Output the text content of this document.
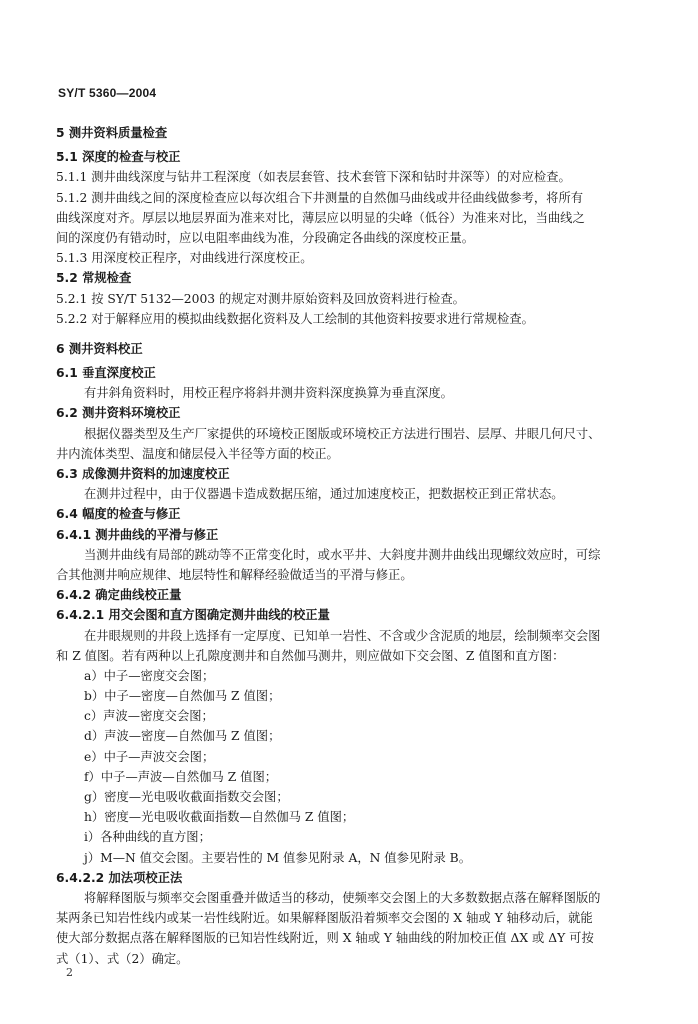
SY/T 5360—2004
5 测井资料质量检查
5.1 深度的检查与校正
5.1.1 测井曲线深度与钻井工程深度（如表层套管、技术套管下深和钻时井深等）的对应检查。
5.1.2 测井曲线之间的深度检查应以每次组合下井测量的自然伽马曲线或井径曲线做参考，将所有
曲线深度对齐。厚层以地层界面为准来对比，薄层应以明显的尖峰（低谷）为准来对比，当曲线之
间的深度仍有错动时，应以电阻率曲线为准，分段确定各曲线的深度校正量。
5.1.3 用深度校正程序，对曲线进行深度校正。
5.2 常规检查
5.2.1 按 SY/T 5132—2003 的规定对测井原始资料及回放资料进行检查。
5.2.2 对于解释应用的模拟曲线数据化资料及人工绘制的其他资料按要求进行常规检查。
6 测井资料校正
6.1 垂直深度校正
有井斜角资料时，用校正程序将斜井测井资料深度换算为垂直深度。
6.2 测井资料环境校正
根据仪器类型及生产厂家提供的环境校正图版或环境校正方法进行围岩、层厚、井眼几何尺寸、
井内流体类型、温度和储层侵入半径等方面的校正。
6.3 成像测井资料的加速度校正
在测井过程中，由于仪器遇卡造成数据压缩，通过加速度校正，把数据校正到正常状态。
6.4 幅度的检查与修正
6.4.1 测井曲线的平滑与修正
当测井曲线有局部的跳动等不正常变化时，或水平井、大斜度井测井曲线出现螺纹效应时，可综
合其他测井响应规律、地层特性和解释经验做适当的平滑与修正。
6.4.2 确定曲线校正量
6.4.2.1 用交会图和直方图确定测井曲线的校正量
在井眼规则的井段上选择有一定厚度、已知单一岩性、不含或少含泥质的地层，绘制频率交会图
和 Z 值图。若有两种以上孔隙度测井和自然伽马测井，则应做如下交会图、Z 值图和直方图：
a）中子—密度交会图；
b）中子—密度—自然伽马 Z 值图；
c）声波—密度交会图；
d）声波—密度—自然伽马 Z 值图；
e）中子—声波交会图；
f）中子—声波—自然伽马 Z 值图；
g）密度—光电吸收截面指数交会图；
h）密度—光电吸收截面指数—自然伽马 Z 值图；
i）各种曲线的直方图；
j）M—N 值交会图。主要岩性的 M 值参见附录 A，N 值参见附录 B。
6.4.2.2 加法项校正法
将解释图版与频率交会图重叠并做适当的移动，使频率交会图上的大多数数据点落在解释图版的
某两条已知岩性线内或某一岩性线附近。如果解释图版沿着频率交会图的 X 轴或 Y 轴移动后，就能
使大部分数据点落在解释图版的已知岩性线附近，则 X 轴或 Y 轴曲线的附加校正值 ΔX 或 ΔY 可按
式（1）、式（2）确定。
2
